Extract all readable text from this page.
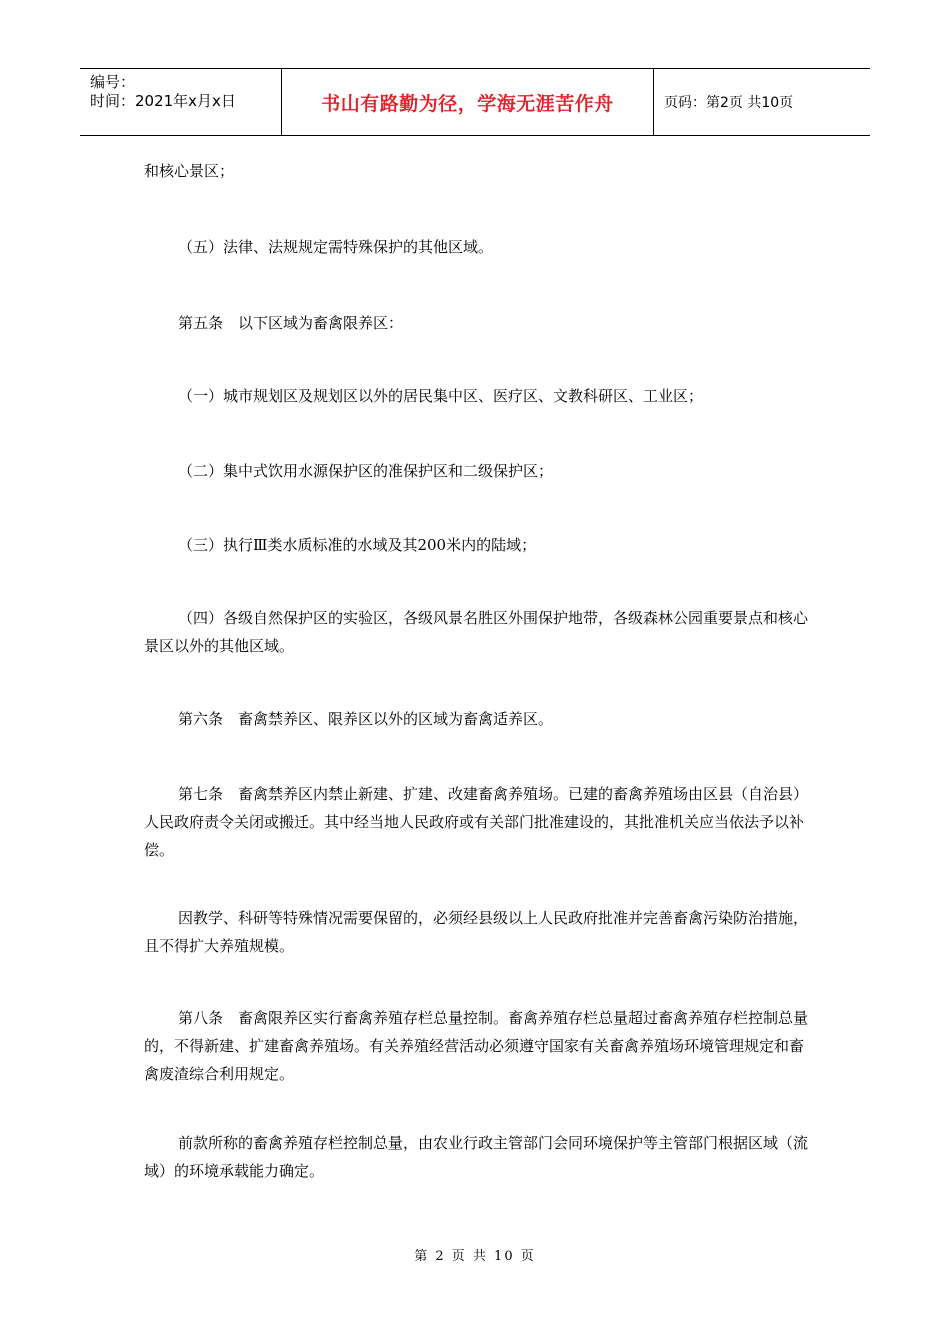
编号：
时间：2021年x月x日	书山有路勤为径，学海无涯苦作舟	页码：第2页 共10页

和核心景区；

（五）法律、法规规定需特殊保护的其他区域。

第五条　以下区域为畜禽限养区：

（一）城市规划区及规划区以外的居民集中区、医疗区、文教科研区、工业区；

（二）集中式饮用水源保护区的准保护区和二级保护区；

（三）执行Ⅲ类水质标准的水域及其200米内的陆域；

（四）各级自然保护区的实验区，各级风景名胜区外围保护地带，各级森林公园重要景点和核心景区以外的其他区域。

第六条　畜禽禁养区、限养区以外的区域为畜禽适养区。

第七条　畜禽禁养区内禁止新建、扩建、改建畜禽养殖场。已建的畜禽养殖场由区县（自治县）人民政府责令关闭或搬迁。其中经当地人民政府或有关部门批准建设的，其批准机关应当依法予以补偿。

因教学、科研等特殊情况需要保留的，必须经县级以上人民政府批准并完善畜禽污染防治措施，且不得扩大养殖规模。

第八条　畜禽限养区实行畜禽养殖存栏总量控制。畜禽养殖存栏总量超过畜禽养殖存栏控制总量的，不得新建、扩建畜禽养殖场。有关养殖经营活动必须遵守国家有关畜禽养殖场环境管理规定和畜禽废渣综合利用规定。

前款所称的畜禽养殖存栏控制总量，由农业行政主管部门会同环境保护等主管部门根据区域（流域）的环境承载能力确定。

第 2 页 共 10 页
